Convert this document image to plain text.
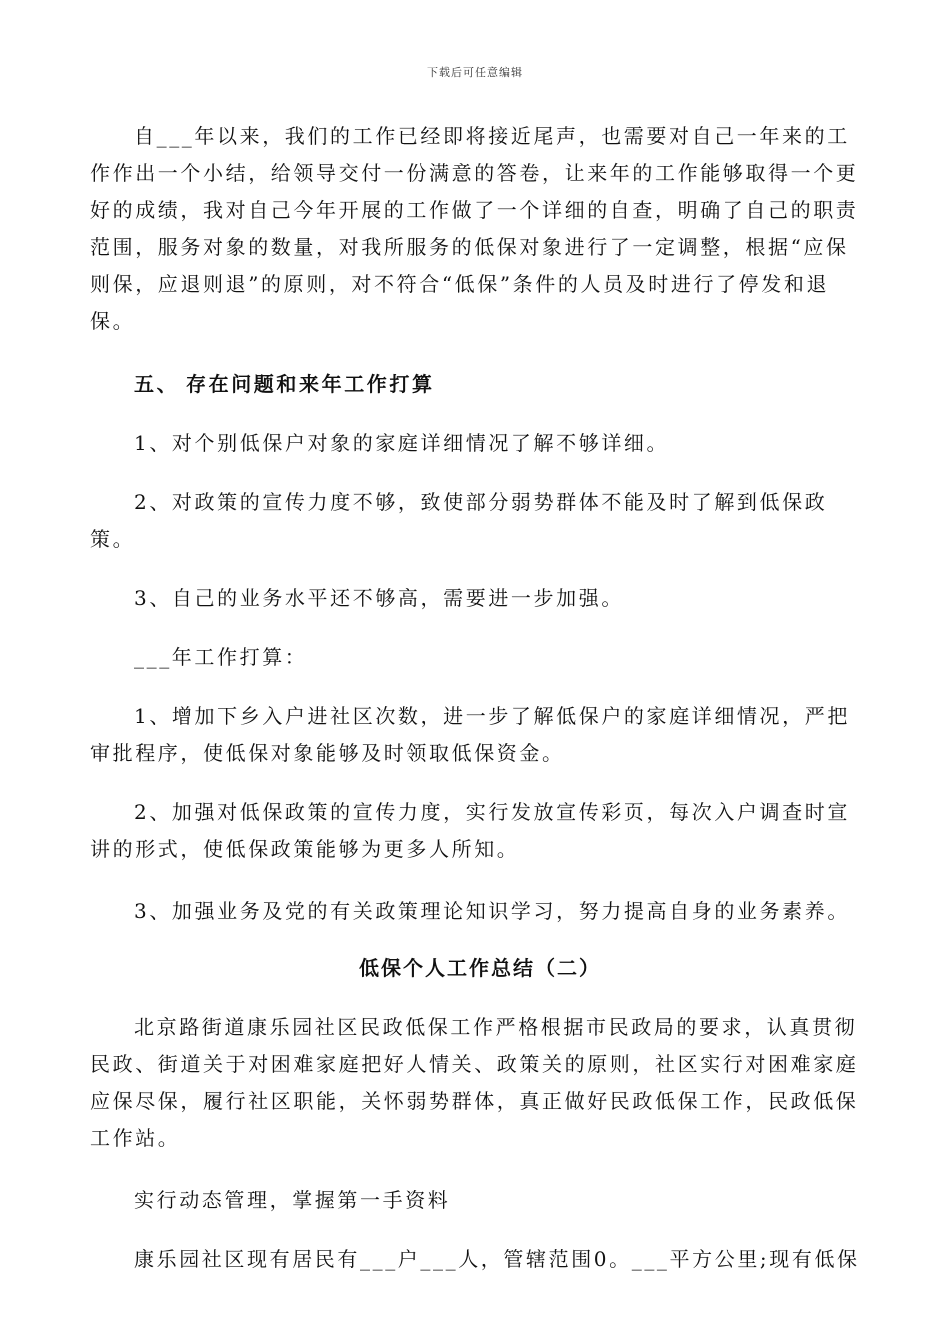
下载后可任意编辑

自___年以来，我们的工作已经即将接近尾声，也需要对自己一年来的工作作出一个小结，给领导交付一份满意的答卷，让来年的工作能够取得一个更好的成绩，我对自己今年开展的工作做了一个详细的自查，明确了自己的职责范围，服务对象的数量，对我所服务的低保对象进行了一定调整，根据“应保则保，应退则退”的原则，对不符合“低保”条件的人员及时进行了停发和退保。

五、 存在问题和来年工作打算

1、对个别低保户对象的家庭详细情况了解不够详细。

2、对政策的宣传力度不够，致使部分弱势群体不能及时了解到低保政策。

3、自己的业务水平还不够高，需要进一步加强。

___年工作打算：

1、增加下乡入户进社区次数，进一步了解低保户的家庭详细情况，严把审批程序，使低保对象能够及时领取低保资金。

2、加强对低保政策的宣传力度，实行发放宣传彩页，每次入户调查时宣讲的形式，使低保政策能够为更多人所知。

3、加强业务及党的有关政策理论知识学习，努力提高自身的业务素养。

低保个人工作总结（二）

北京路街道康乐园社区民政低保工作严格根据市民政局的要求，认真贯彻民政、街道关于对困难家庭把好人情关、政策关的原则，社区实行对困难家庭应保尽保，履行社区职能，关怀弱势群体，真正做好民政低保工作，民政低保工作站。

实行动态管理，掌握第一手资料

康乐园社区现有居民有___户___人，管辖范围0。___平方公里;现有低保
